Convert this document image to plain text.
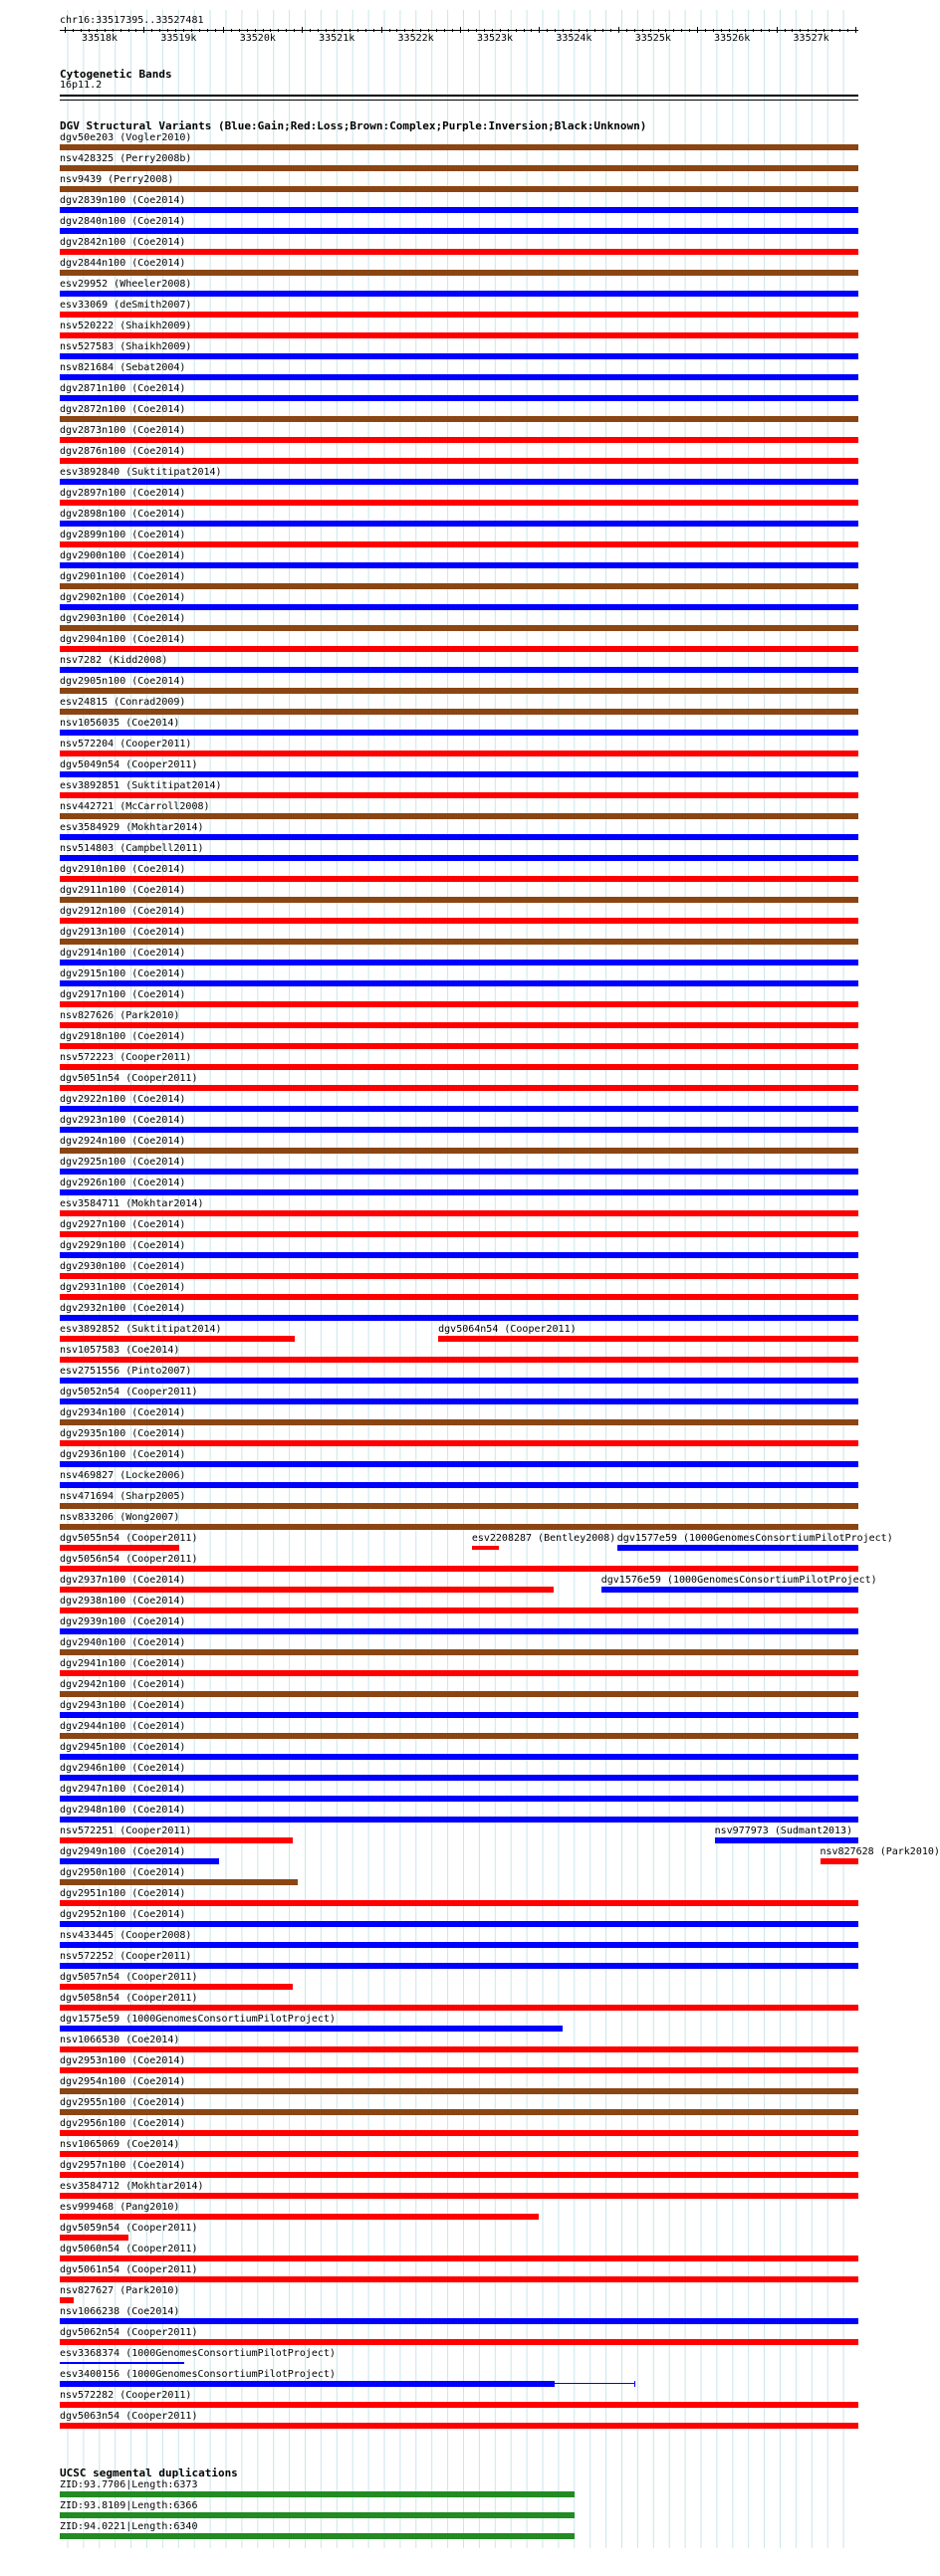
chr16:33517395..33527481
33518k	33519k	33520k	33521k	33522k	33523k	33524k	33525k	33526k	33527k
Cytogenetic Bands
16p11.2
DGV Structural Variants (Blue:Gain;Red:Loss;Brown:Complex;Purple:Inversion;Black:Unknown)
dgv50e203 (Vogler2010)
nsv428325 (Perry2008b)
nsv9439 (Perry2008)
dgv2839n100 (Coe2014)
dgv2840n100 (Coe2014)
dgv2842n100 (Coe2014)
dgv2844n100 (Coe2014)
esv29952 (Wheeler2008)
esv33069 (deSmith2007)
nsv520222 (Shaikh2009)
nsv527583 (Shaikh2009)
nsv821684 (Sebat2004)
dgv2871n100 (Coe2014)
dgv2872n100 (Coe2014)
dgv2873n100 (Coe2014)
dgv2876n100 (Coe2014)
esv3892840 (Suktitipat2014)
dgv2897n100 (Coe2014)
dgv2898n100 (Coe2014)
dgv2899n100 (Coe2014)
dgv2900n100 (Coe2014)
dgv2901n100 (Coe2014)
dgv2902n100 (Coe2014)
dgv2903n100 (Coe2014)
dgv2904n100 (Coe2014)
nsv7282 (Kidd2008)
dgv2905n100 (Coe2014)
esv24815 (Conrad2009)
nsv1056035 (Coe2014)
nsv572204 (Cooper2011)
dgv5049n54 (Cooper2011)
esv3892851 (Suktitipat2014)
nsv442721 (McCarroll2008)
esv3584929 (Mokhtar2014)
nsv514803 (Campbell2011)
dgv2910n100 (Coe2014)
dgv2911n100 (Coe2014)
dgv2912n100 (Coe2014)
dgv2913n100 (Coe2014)
dgv2914n100 (Coe2014)
dgv2915n100 (Coe2014)
dgv2917n100 (Coe2014)
nsv827626 (Park2010)
dgv2918n100 (Coe2014)
nsv572223 (Cooper2011)
dgv5051n54 (Cooper2011)
dgv2922n100 (Coe2014)
dgv2923n100 (Coe2014)
dgv2924n100 (Coe2014)
dgv2925n100 (Coe2014)
dgv2926n100 (Coe2014)
esv3584711 (Mokhtar2014)
dgv2927n100 (Coe2014)
dgv2929n100 (Coe2014)
dgv2930n100 (Coe2014)
dgv2931n100 (Coe2014)
dgv2932n100 (Coe2014)
esv3892852 (Suktitipat2014)	dgv5064n54 (Cooper2011)
nsv1057583 (Coe2014)
esv2751556 (Pinto2007)
dgv5052n54 (Cooper2011)
dgv2934n100 (Coe2014)
dgv2935n100 (Coe2014)
dgv2936n100 (Coe2014)
nsv469827 (Locke2006)
nsv471694 (Sharp2005)
nsv833206 (Wong2007)
dgv5055n54 (Cooper2011)	esv2208287 (Bentley2008) dgv1577e59 (1000GenomesConsortiumPilotProject)
dgv5056n54 (Cooper2011)
dgv2937n100 (Coe2014)	dgv1576e59 (1000GenomesConsortiumPilotProject)
dgv2938n100 (Coe2014)
dgv2939n100 (Coe2014)
dgv2940n100 (Coe2014)
dgv2941n100 (Coe2014)
dgv2942n100 (Coe2014)
dgv2943n100 (Coe2014)
dgv2944n100 (Coe2014)
dgv2945n100 (Coe2014)
dgv2946n100 (Coe2014)
dgv2947n100 (Coe2014)
dgv2948n100 (Coe2014)
nsv572251 (Cooper2011)	nsv977973 (Sudmant2013)
dgv2949n100 (Coe2014)	nsv827628 (Park2010)
dgv2950n100 (Coe2014)
dgv2951n100 (Coe2014)
dgv2952n100 (Coe2014)
nsv433445 (Cooper2008)
nsv572252 (Cooper2011)
dgv5057n54 (Cooper2011)
dgv5058n54 (Cooper2011)
dgv1575e59 (1000GenomesConsortiumPilotProject)
nsv1066530 (Coe2014)
dgv2953n100 (Coe2014)
dgv2954n100 (Coe2014)
dgv2955n100 (Coe2014)
dgv2956n100 (Coe2014)
nsv1065069 (Coe2014)
dgv2957n100 (Coe2014)
esv3584712 (Mokhtar2014)
esv999468 (Pang2010)
dgv5059n54 (Cooper2011)
dgv5060n54 (Cooper2011)
dgv5061n54 (Cooper2011)
nsv827627 (Park2010)
nsv1066238 (Coe2014)
dgv5062n54 (Cooper2011)
esv3368374 (1000GenomesConsortiumPilotProject)
esv3400156 (1000GenomesConsortiumPilotProject)
nsv572282 (Cooper2011)
dgv5063n54 (Cooper2011)
UCSC segmental duplications
ZID:93.7706|Length:6373
ZID:93.8109|Length:6366
ZID:94.0221|Length:6340
